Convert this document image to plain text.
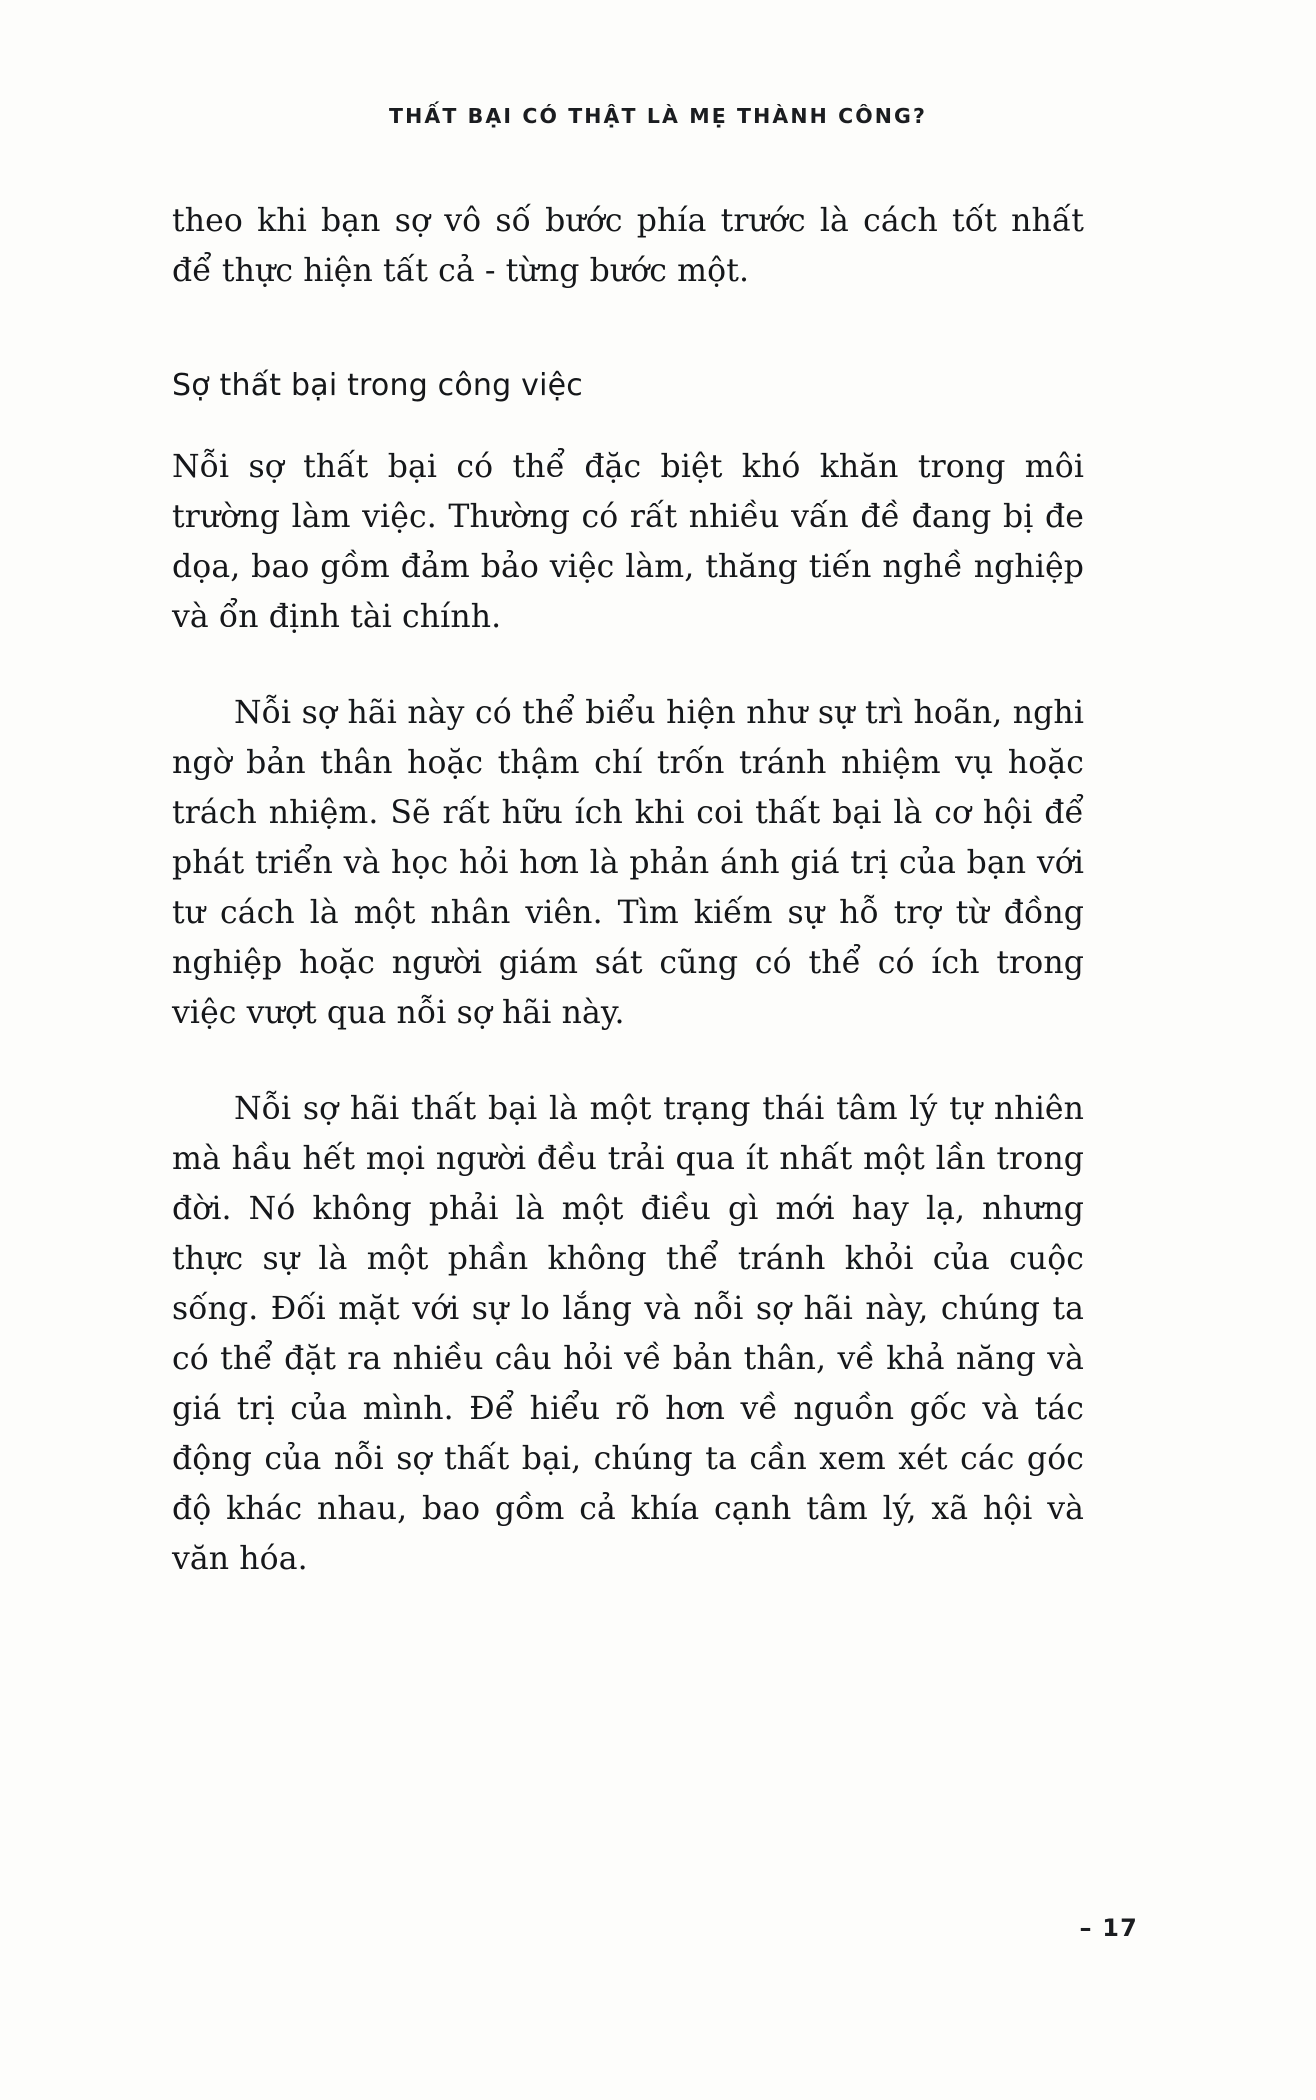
THẤT BẠI CÓ THẬT LÀ MẸ THÀNH CÔNG?

theo khi bạn sợ vô số bước phía trước là cách tốt nhất để thực hiện tất cả - từng bước một.

Sợ thất bại trong công việc

Nỗi sợ thất bại có thể đặc biệt khó khăn trong môi trường làm việc. Thường có rất nhiều vấn đề đang bị đe dọa, bao gồm đảm bảo việc làm, thăng tiến nghề nghiệp và ổn định tài chính.

Nỗi sợ hãi này có thể biểu hiện như sự trì hoãn, nghi ngờ bản thân hoặc thậm chí trốn tránh nhiệm vụ hoặc trách nhiệm. Sẽ rất hữu ích khi coi thất bại là cơ hội để phát triển và học hỏi hơn là phản ánh giá trị của bạn với tư cách là một nhân viên. Tìm kiếm sự hỗ trợ từ đồng nghiệp hoặc người giám sát cũng có thể có ích trong việc vượt qua nỗi sợ hãi này.

Nỗi sợ hãi thất bại là một trạng thái tâm lý tự nhiên mà hầu hết mọi người đều trải qua ít nhất một lần trong đời. Nó không phải là một điều gì mới hay lạ, nhưng thực sự là một phần không thể tránh khỏi của cuộc sống. Đối mặt với sự lo lắng và nỗi sợ hãi này, chúng ta có thể đặt ra nhiều câu hỏi về bản thân, về khả năng và giá trị của mình. Để hiểu rõ hơn về nguồn gốc và tác động của nỗi sợ thất bại, chúng ta cần xem xét các góc độ khác nhau, bao gồm cả khía cạnh tâm lý, xã hội và văn hóa.

– 17
